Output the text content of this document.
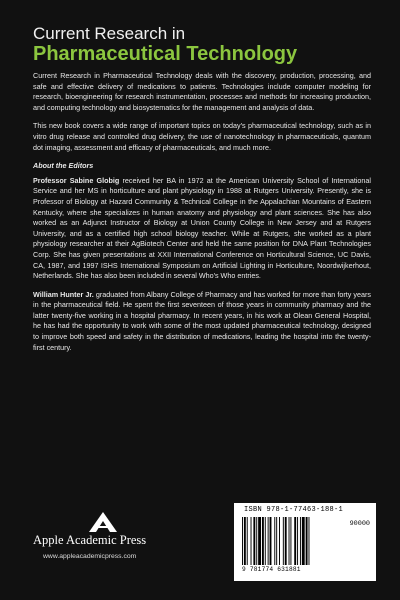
Current Research in
Pharmaceutical Technology

Current Research in Pharmaceutical Technology deals with the discovery, production, processing, and safe and effective delivery of medications to patients. Technologies include computer modeling for research, bioengineering for research instrumentation, processes and methods for increasing production, and computing technology and biosystematics for the management and analysis of data.

This new book covers a wide range of important topics on today's pharmaceutical technology, such as in vitro drug release and controlled drug delivery, the use of nanotechnology in pharmaceuticals, quantum dot imaging, assessment and efficacy of pharmaceuticals, and much more.

About the Editors

Professor Sabine Globig received her BA in 1972 at the American University School of International Service and her MS in horticulture and plant physiology in 1988 at Rutgers University. Presently, she is Professor of Biology at Hazard Community & Technical College in the Appalachian Mountains of Eastern Kentucky, where she specializes in human anatomy and physiology and plant sciences. She has also worked as an Adjunct Instructor of Biology at Union County College in New Jersey and at Rutgers University, and as a certified high school biology teacher. While at Rutgers, she worked as a plant physiology researcher at their AgBiotech Center and held the same position for DNA Plant Technologies Corp. She has given presentations at XXII International Conference on Horticultural Science, UC Davis, CA, 1987, and 1997 ISHS International Symposium on Artificial Lighting in Horticulture, Noordwijkerhout, Netherlands. She has also been included in several Who's Who entries.

William Hunter Jr. graduated from Albany College of Pharmacy and has worked for more than forty years in the pharmaceutical field. He spent the first seventeen of those years in community pharmacy and the latter twenty-five working in a hospital pharmacy. In recent years, in his work at Olean General Hospital, he has had the opportunity to work with some of the most updated pharmaceutical technology, designed to improve both speed and safety in the distribution of medications, leading the hospital into the twenty-first century.

Apple Academic Press
www.appleacademicpress.com
ISBN 978-1-77463-188-1
90000
9 781774 631881
